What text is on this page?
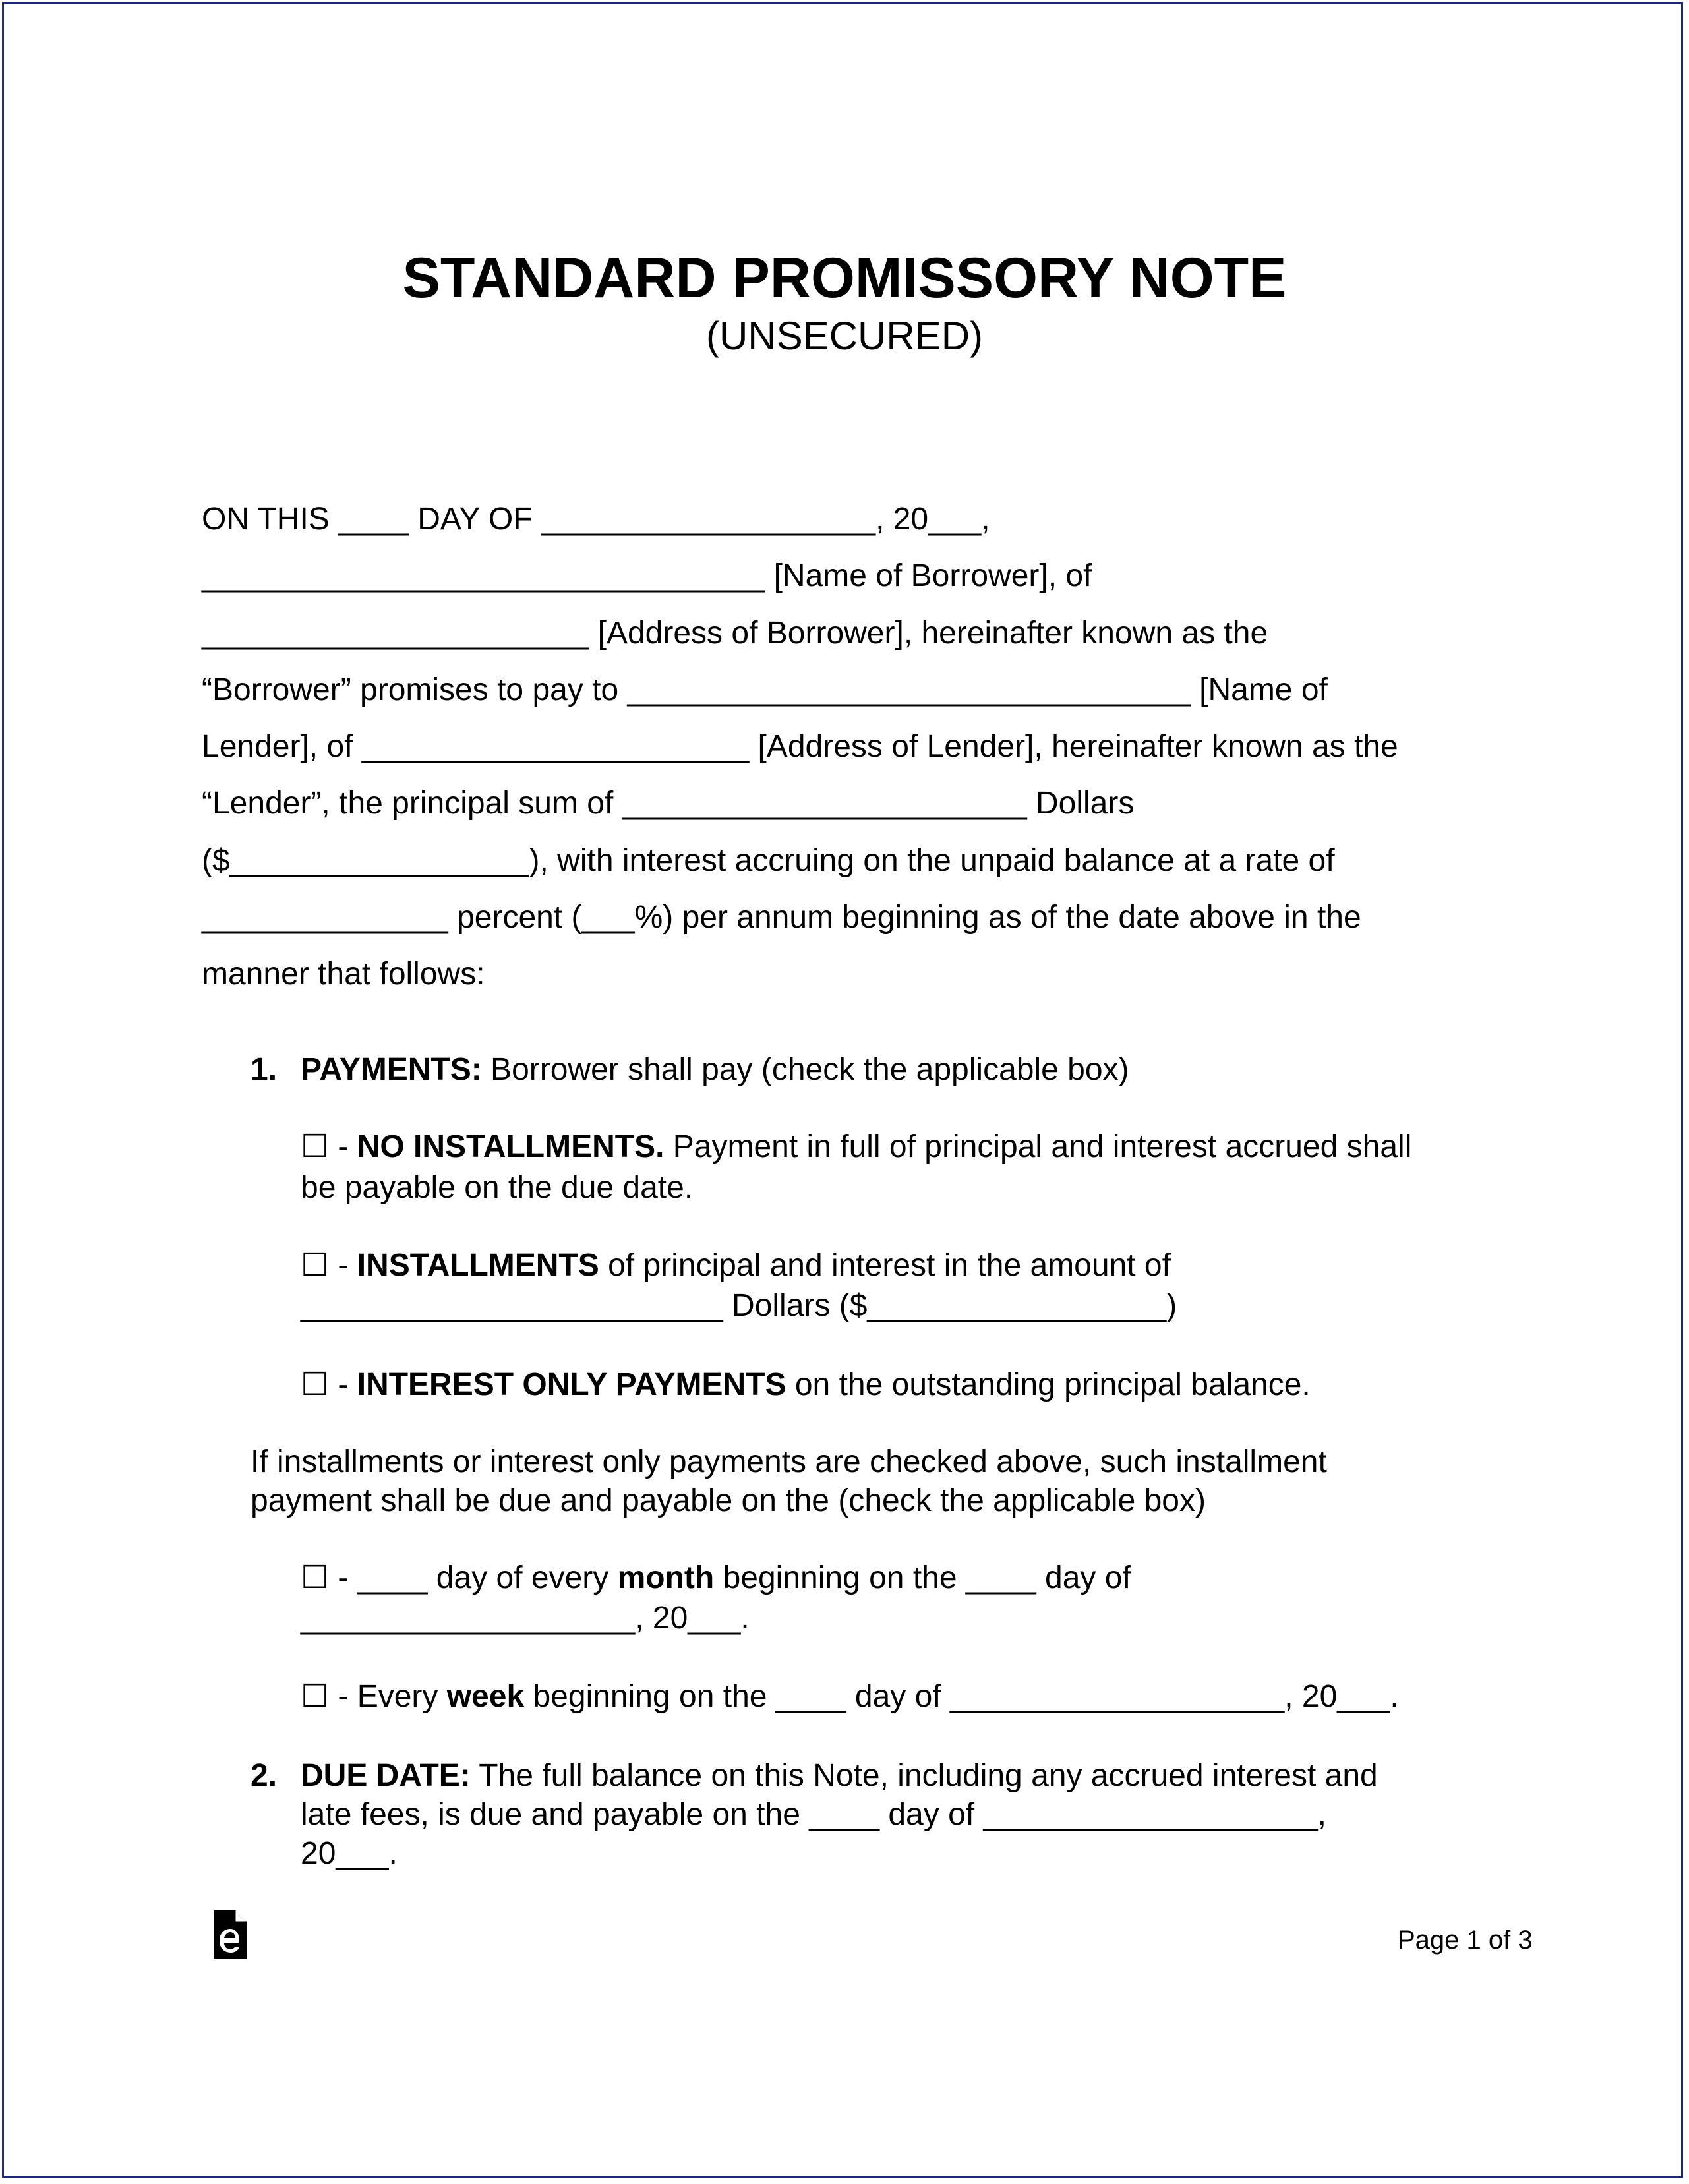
STANDARD PROMISSORY NOTE
(UNSECURED)
ON THIS ____ DAY OF ___________________, 20___,
________________________________ [Name of Borrower], of
______________________ [Address of Borrower], hereinafter known as the
“Borrower” promises to pay to ________________________________ [Name of
Lender], of ______________________ [Address of Lender], hereinafter known as the
“Lender”, the principal sum of _______________________ Dollars
($_________________), with interest accruing on the unpaid balance at a rate of
______________ percent (___%) per annum beginning as of the date above in the
manner that follows:
1. PAYMENTS: Borrower shall pay (check the applicable box)
☐ - NO INSTALLMENTS. Payment in full of principal and interest accrued shall
be payable on the due date.
☐ - INSTALLMENTS of principal and interest in the amount of
________________________ Dollars ($_________________)
☐ - INTEREST ONLY PAYMENTS on the outstanding principal balance.
If installments or interest only payments are checked above, such installment
payment shall be due and payable on the (check the applicable box)
☐ - ____ day of every month beginning on the ____ day of
___________________, 20___.
☐ - Every week beginning on the ____ day of ___________________, 20___.
2. DUE DATE: The full balance on this Note, including any accrued interest and
late fees, is due and payable on the ____ day of ___________________,
20___.
Page 1 of 3
